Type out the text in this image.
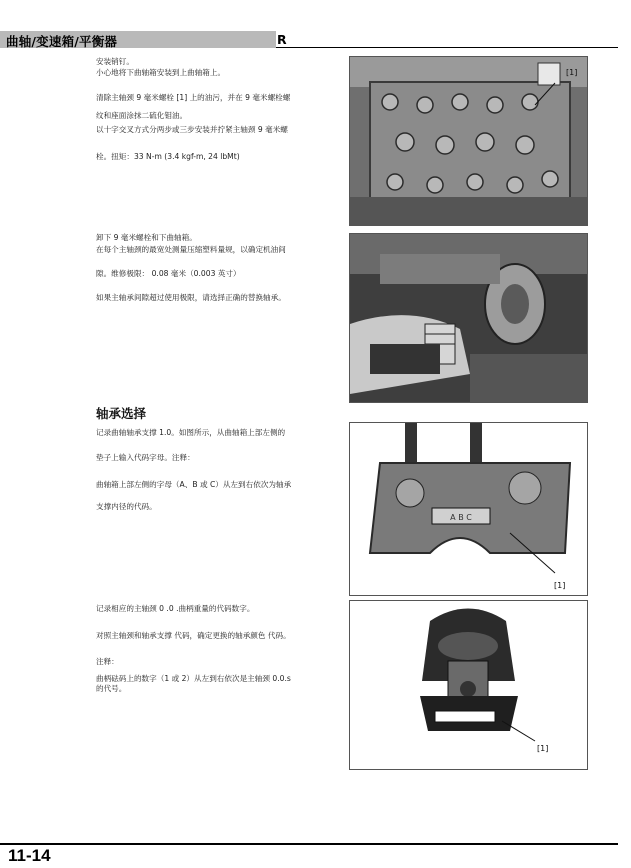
曲轴/变速箱/平衡器	R
安装销钉。
小心地将下曲轴箱安装到上曲轴箱上。
清除主轴颈 9 毫米螺栓 [1] 上的油污，并在 9 毫米螺栓螺
纹和座面涂抹二硫化钼油。
以十字交叉方式分两步或三步安装并拧紧主轴颈 9 毫米螺
栓。扭矩：33 N-m (3.4 kgf-m, 24 lbMt)
[1]
卸下 9 毫米螺栓和下曲轴箱。
在每个主轴颈的最宽处测量压缩塑料量规，以确定机油间
隙。维修极限： 0.08 毫米（0.003 英寸）
如果主轴承间隙超过使用极限，请选择正确的替换轴承。
轴承选择
记录曲轴轴承支撑 1.0。如图所示，从曲轴箱上部左侧的
垫子上输入代码字母。注释：
曲轴箱上部左侧的字母（A、B 或 C）从左到右依次为轴承
支撑内径的代码。
A B C
[1]
记录相应的主轴颈 0 .0 .曲柄重量的代码数字。
对照主轴颈和轴承支撑 代码，确定更换的轴承颜色 代码。
注释：
曲柄砝码上的数字（1 或 2）从左到右依次是主轴颈 0.0.s
的代号。
[1]
11-14
